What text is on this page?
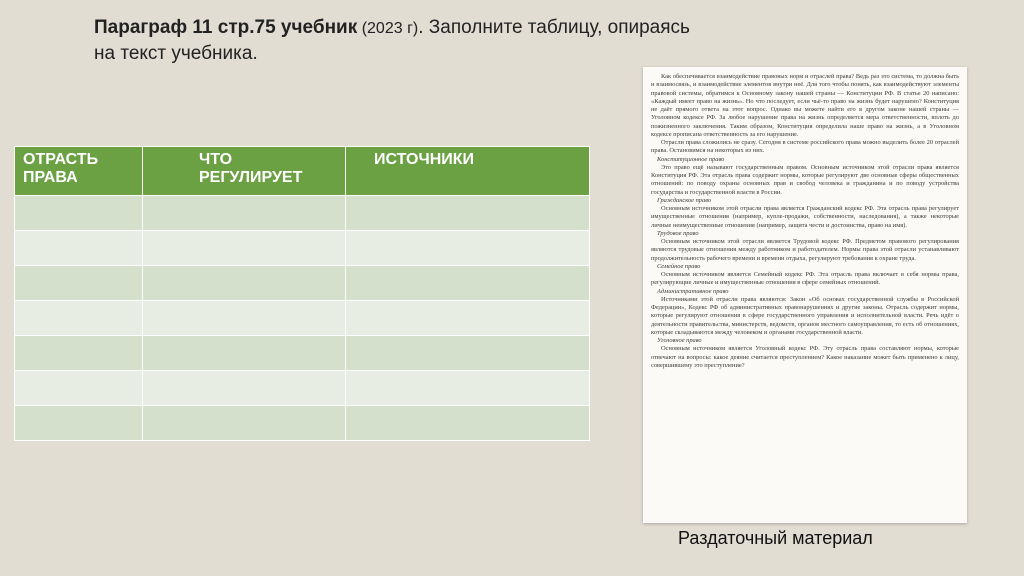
Параграф 11 стр.75 учебник (2023 г). Заполните таблицу, опираясь на текст учебника.
ОТРАСТЬ ПРАВА	ЧТО РЕГУЛИРУЕТ	ИСТОЧНИКИ

Как обеспечивается взаимодействие правовых норм и отраслей права? Ведь раз это система, то должна быть и взаимосвязь, и взаимодействие элементов внутри неё. Для того чтобы понять, как взаимодействуют элементы правовой системы, обратимся к Основному закону нашей страны — Конституции РФ. В статье 20 написано: «Каждый имеет право на жизнь». Но что последует, если чьё-то право на жизнь будет нарушено? Конституция не даёт прямого ответа на этот вопрос. Однако вы можете найти его в другом законе нашей страны — Уголовном кодексе РФ. За любое нарушение права на жизнь определяется мера ответственности, вплоть до пожизненного заключения. Таким образом, Конституция определила наше право на жизнь, а в Уголовном кодексе прописана ответственность за его нарушение.

Отрасли права сложились не сразу. Сегодня в системе российского права можно выделить более 20 отраслей права. Остановимся на некоторых из них.

Конституционное право

Это право ещё называют государственным правом. Основным источником этой отрасли права является Конституция РФ. Эта отрасль права содержит нормы, которые регулируют две основные сферы общественных отношений: по поводу охраны основных прав и свобод человека и гражданина и по поводу устройства государства и государственной власти в России.

Гражданское право

Основным источником этой отрасли права является Гражданский кодекс РФ. Эта отрасль права регулирует имущественные отношения (например, купле-продажи, собственности, наследования), а также некоторые личные неимущественные отношения (например, защита чести и достоинства, право на имя).

Трудовое право

Основным источником этой отрасли является Трудовой кодекс РФ. Предметом правового регулирования являются трудовые отношения между работником и работодателем. Нормы права этой отрасли устанавливают продолжительность рабочего времени и времени отдыха, регулируют требования к охране труда.

Семейное право

Основным источником является Семейный кодекс РФ. Эта отрасль права включает в себя нормы права, регулирующие личные и имущественные отношения в сфере семейных отношений.

Административное право

Источниками этой отрасли права являются: Закон «Об основах государственной службы в Российской Федерации», Кодекс РФ об административных правонарушениях и другие законы. Отрасль содержит нормы, которые регулируют отношения в сфере государственного управления и исполнительной власти. Речь идёт о деятельности правительства, министерств, ведомств, органов местного самоуправления, то есть об отношениях, которые складываются между человеком и органами государственной власти.

Уголовное право

Основным источником является Уголовный кодекс РФ. Эту отрасль права составляют нормы, которые отвечают на вопросы: какое деяние считается преступлением? Какое наказание может быть применено к лицу, совершившему это преступление?

Раздаточный материал
